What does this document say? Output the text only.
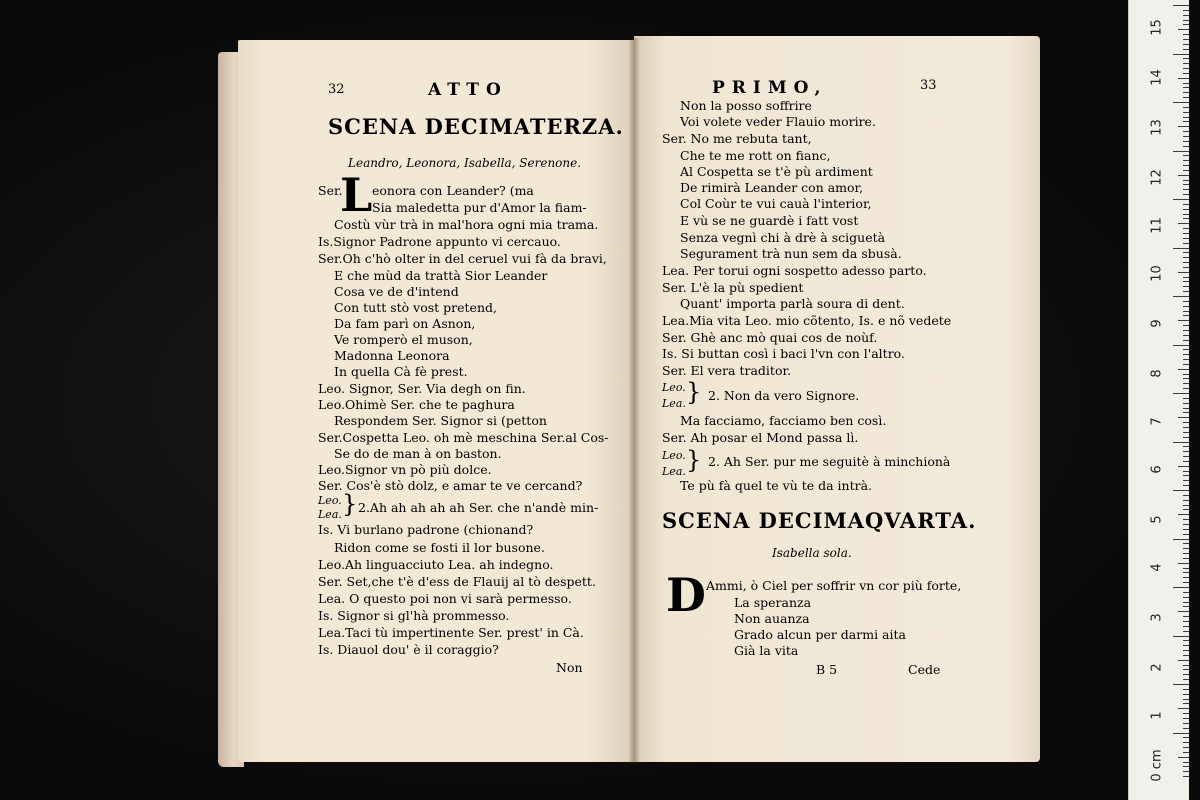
32	ATTO
SCENA DECIMATERZA.
Leandro, Leonora, Isabella, Serenone.
L
Ser. eonora con Leander? (ma
Sia maledetta pur d'Amor la fiam-
Costù vùr trà in mal'hora ogni mia trama.
Is.Signor Padrone appunto vi cercauo.
Ser.Oh c'hò olter in del ceruel vui fà da bravi,
E che mùd da trattà Sior Leander
Cosa ve de d'intend
Con tutt stò vost pretend,
Da fam parì on Asnon,
Ve romperò el muson,
Madonna Leonora
In quella Cà fè prest.
Leo. Signor, Ser. Via degh on fin.
Leo.Ohimè Ser. che te paghura
Respondem Ser. Signor si (petton
Ser.Cospetta Leo. oh mè meschina Ser.al Cos-
Se do de man à on baston.
Leo.Signor vn pò più dolce.
Ser. Cos'è stò dolz, e amar te ve cercand?
Leo.
Lea. } 2.Ah ah ah ah ah Ser. che n'andè min-
Is. Vi burlano padrone (chionand?
Ridon come se fosti il lor busone.
Leo.Ah linguacciuto Lea. ah indegno.
Ser. Set,che t'è d'ess de Flauij al tò despett.
Lea. O questo poi non vi sarà permesso.
Is. Signor si gl'hà prommesso.
Lea.Taci tù impertinente Ser. prest' in Cà.
Is. Diauol dou' è il coraggio?
Non
PRIMO,	33
Non la posso soffrire
Voi volete veder Flauio morire.
Ser. No me rebuta tant,
Che te me rott on fianc,
Al Cospetta se t'è pù ardiment
De rimirà Leander con amor,
Col Coùr te vui cauà l'interior,
E vù se ne guardè i fatt vost
Senza vegnì chi à drè à sciguetà
Segurament trà nun sem da sbusà.
Lea. Per torui ogni sospetto adesso parto.
Ser. L'è la pù spedient
Quant' importa parlà soura di dent.
Lea.Mia vita Leo. mio cõtento, Is. e nõ vedete
Ser. Ghè anc mò quai cos de noùf.
Is. Si buttan così i baci l'vn con l'altro.
Ser. El vera traditor.
Leo.
Lea. } 2. Non da vero Signore.
Ma facciamo, facciamo ben così.
Ser. Ah posar el Mond passa lì.
Leo.
Lea. } 2. Ah Ser. pur me seguitè à minchionà
Te pù fà quel te vù te da intrà.
SCENA DECIMAQVARTA.
Isabella sola.
D Ammi, ò Ciel per soffrir vn cor più forte,
La speranza
Non auanza
Grado alcun per darmi aita
Già la vita
B 5	Cede
15
14
13
12
11
10
9
8
7
6
5
4
3
2
1
0 cm
